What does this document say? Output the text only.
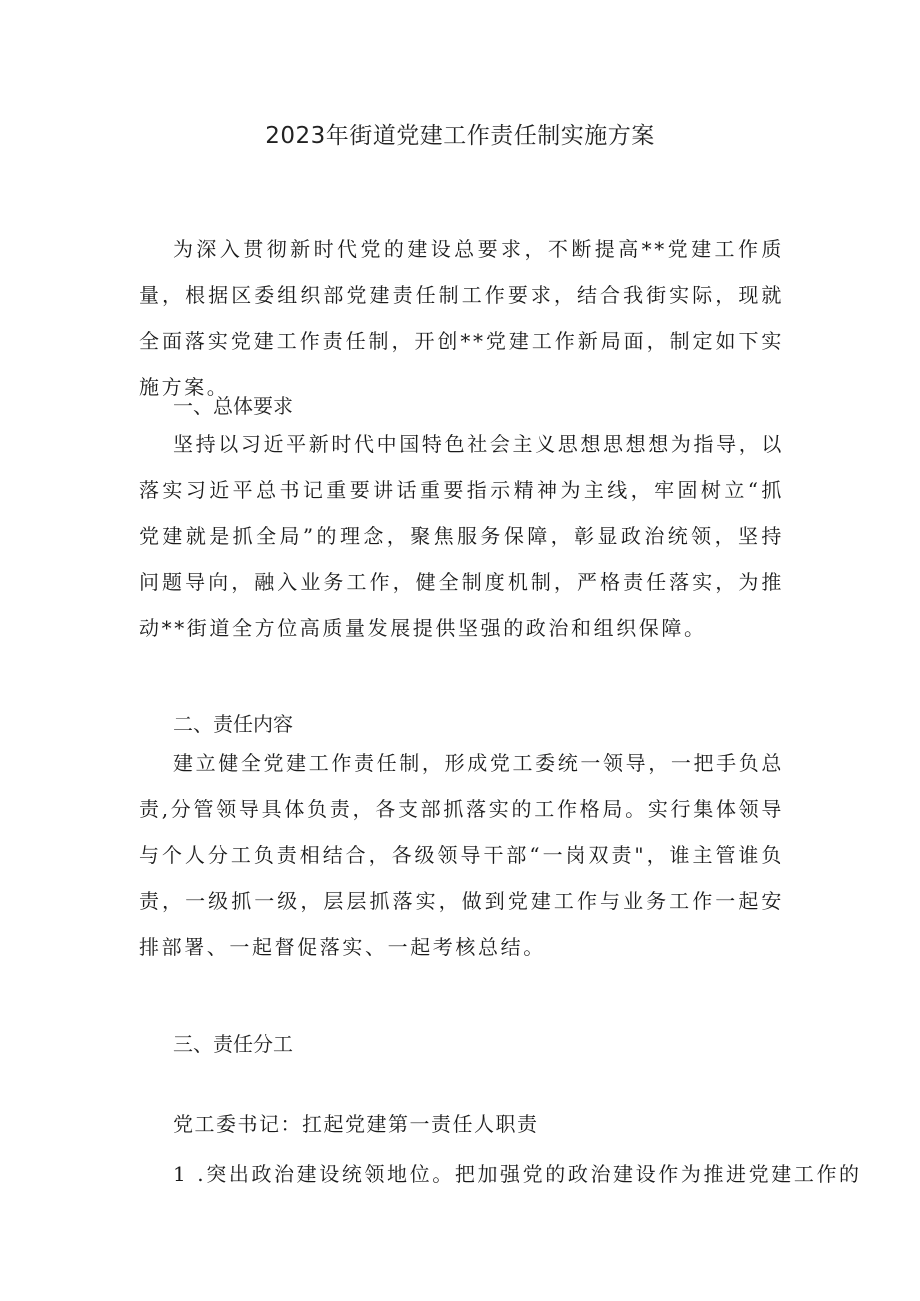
2023年街道党建工作责任制实施方案

为深入贯彻新时代党的建设总要求，不断提高**党建工作质量，根据区委组织部党建责任制工作要求，结合我街实际，现就全面落实党建工作责任制，开创**党建工作新局面，制定如下实施方案。

一、总体要求

坚持以习近平新时代中国特色社会主义思想思想想为指导，以落实习近平总书记重要讲话重要指示精神为主线，牢固树立“抓党建就是抓全局”的理念，聚焦服务保障，彰显政治统领，坚持问题导向，融入业务工作，健全制度机制，严格责任落实，为推动**街道全方位高质量发展提供坚强的政治和组织保障。

二、责任内容

建立健全党建工作责任制，形成党工委统一领导，一把手负总责,分管领导具体负责，各支部抓落实的工作格局。实行集体领导与个人分工负责相结合，各级领导干部“一岗双责"，谁主管谁负责，一级抓一级，层层抓落实，做到党建工作与业务工作一起安排部署、一起督促落实、一起考核总结。

三、责任分工

党工委书记：扛起党建第一责任人职责

1 .突出政治建设统领地位。把加强党的政治建设作为推进党建工作的
